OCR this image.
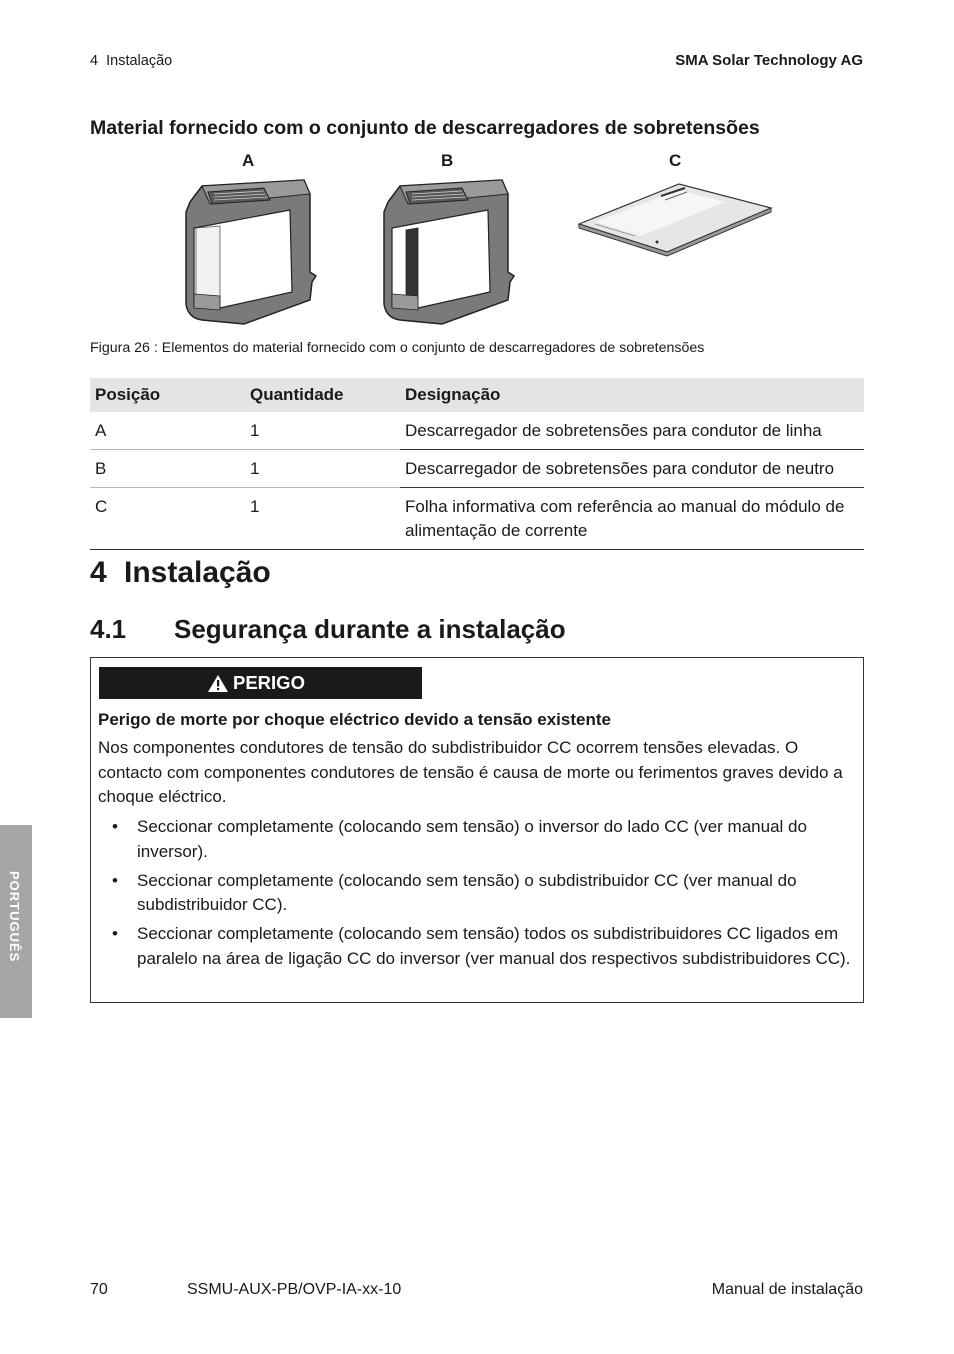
4  Instalação	SMA Solar Technology AG
Material fornecido com o conjunto de descarregadores de sobretensões
A	B	C
Figura 26 : Elementos do material fornecido com o conjunto de descarregadores de sobretensões
Posição	Quantidade	Designação
A	1	Descarregador de sobretensões para condutor de linha
B	1	Descarregador de sobretensões para condutor de neutro
C	1	Folha informativa com referência ao manual do módulo de alimentação de corrente
4 Instalação
4.1 Segurança durante a instalação
PERIGO
Perigo de morte por choque eléctrico devido a tensão existente
Nos componentes condutores de tensão do subdistribuidor CC ocorrem tensões elevadas. O contacto com componentes condutores de tensão é causa de morte ou ferimentos graves devido a choque eléctrico.
• Seccionar completamente (colocando sem tensão) o inversor do lado CC (ver manual do inversor).
• Seccionar completamente (colocando sem tensão) o subdistribuidor CC (ver manual do subdistribuidor CC).
• Seccionar completamente (colocando sem tensão) todos os subdistribuidores CC ligados em paralelo na área de ligação CC do inversor (ver manual dos respectivos subdistribuidores CC).
PORTUGUÊS
70	SSMU-AUX-PB/OVP-IA-xx-10	Manual de instalação
